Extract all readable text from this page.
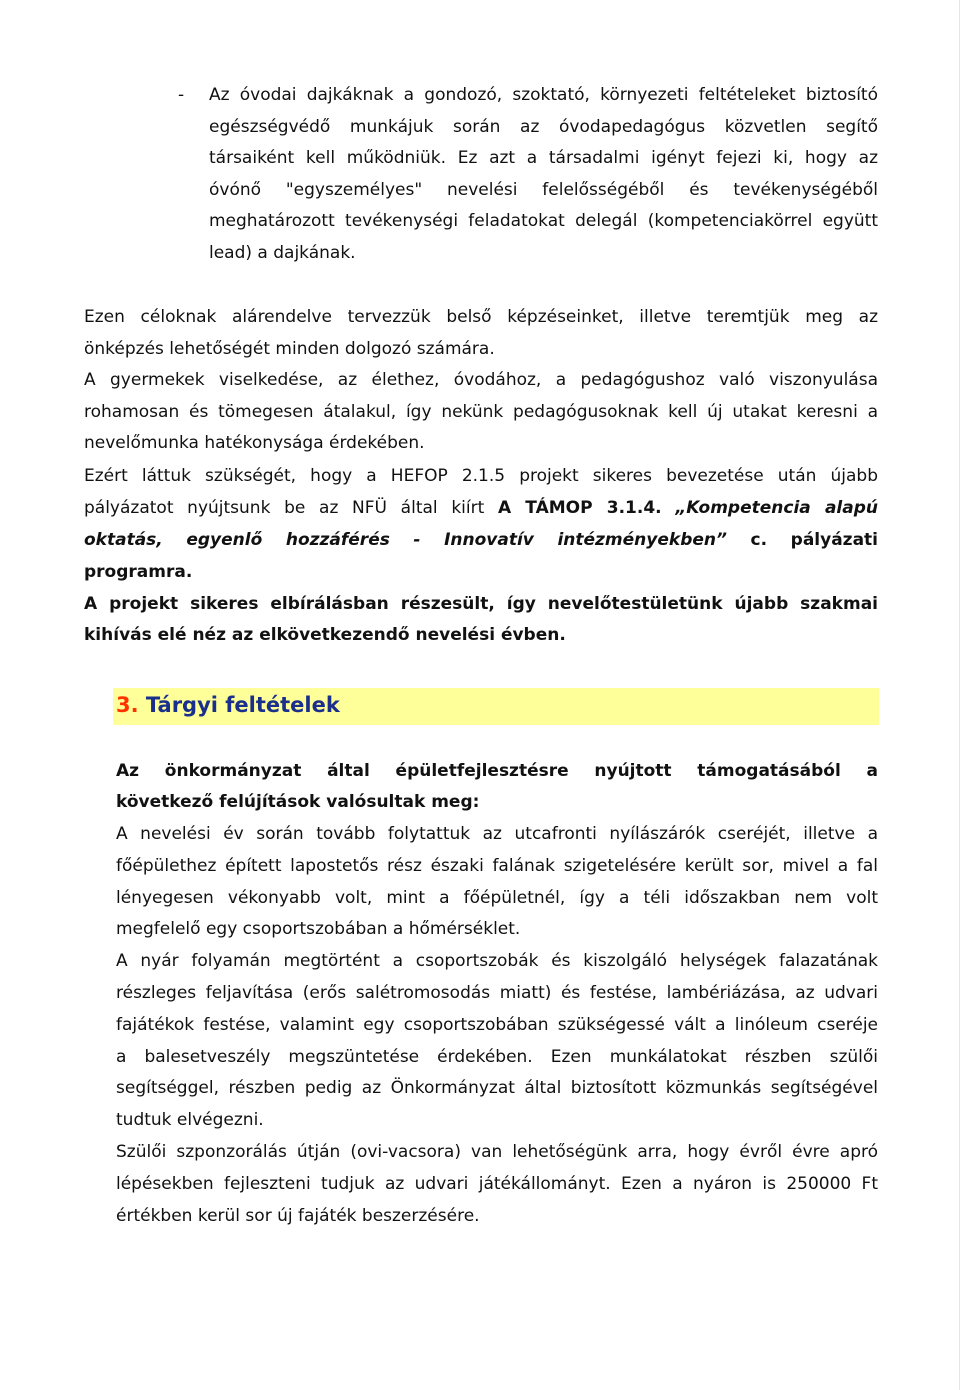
- Az óvodai dajkáknak a gondozó, szoktató, környezeti feltételeket biztosító
egészségvédő munkájuk során az óvodapedagógus közvetlen segítő
társaiként kell működniük. Ez azt a társadalmi igényt fejezi ki, hogy az
óvónő "egyszemélyes" nevelési felelősségéből és tevékenységéből
meghatározott tevékenységi feladatokat delegál (kompetenciakörrel együtt
lead) a dajkának.
Ezen céloknak alárendelve tervezzük belső képzéseinket, illetve teremtjük meg az
önképzés lehetőségét minden dolgozó számára.
A gyermekek viselkedése, az élethez, óvodához, a pedagógushoz való viszonyulása
rohamosan és tömegesen átalakul, így nekünk pedagógusoknak kell új utakat keresni a
nevelőmunka hatékonysága érdekében.
Ezért láttuk szükségét, hogy a HEFOP 2.1.5 projekt sikeres bevezetése után újabb
pályázatot nyújtsunk be az NFÜ által kiírt A TÁMOP 3.1.4. „Kompetencia alapú
oktatás, egyenlő hozzáférés - Innovatív intézményekben” c. pályázati
programra.
A projekt sikeres elbírálásban részesült, így nevelőtestületünk újabb szakmai
kihívás elé néz az elkövetkezendő nevelési évben.
3. Tárgyi feltételek
Az önkormányzat által épületfejlesztésre nyújtott támogatásából a
következő felújítások valósultak meg:
A nevelési év során tovább folytattuk az utcafronti nyílászárók cseréjét, illetve a
főépülethez épített lapostetős rész északi falának szigetelésére került sor, mivel a fal
lényegesen vékonyabb volt, mint a főépületnél, így a téli időszakban nem volt
megfelelő egy csoportszobában a hőmérséklet.
A nyár folyamán megtörtént a csoportszobák és kiszolgáló helységek falazatának
részleges feljavítása (erős salétromosodás miatt) és festése, lambériázása, az udvari
fajátékok festése, valamint egy csoportszobában szükségessé vált a linóleum cseréje
a balesetveszély megszüntetése érdekében. Ezen munkálatokat részben szülői
segítséggel, részben pedig az Önkormányzat által biztosított közmunkás segítségével
tudtuk elvégezni.
Szülői szponzorálás útján (ovi-vacsora) van lehetőségünk arra, hogy évről évre apró
lépésekben fejleszteni tudjuk az udvari játékállományt. Ezen a nyáron is 250000 Ft
értékben kerül sor új fajáték beszerzésére.
